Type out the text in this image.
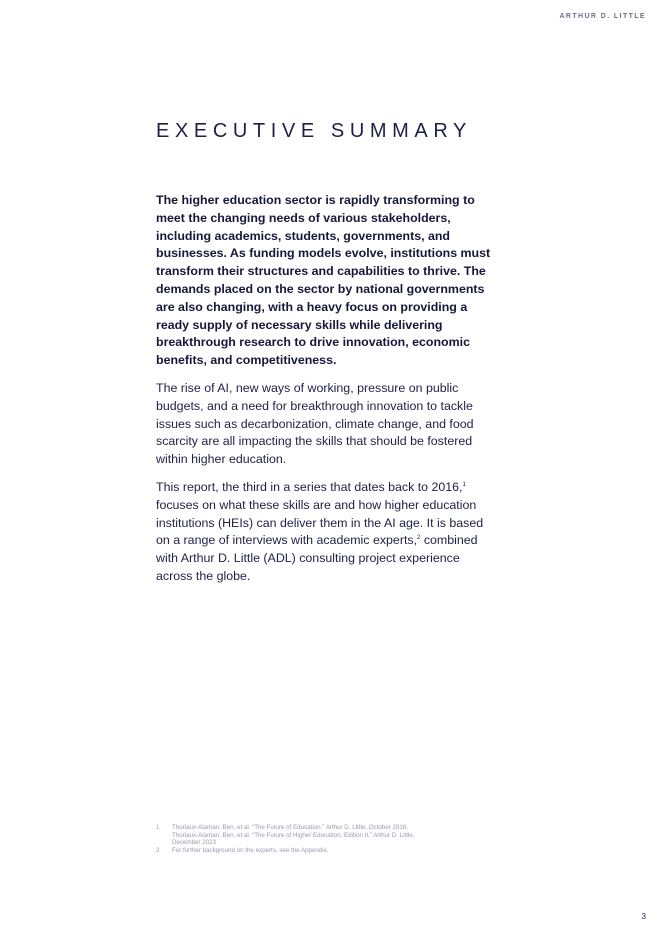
ARTHUR D. LITTLE
EXECUTIVE SUMMARY

The higher education sector is rapidly transforming to meet the changing needs of various stakeholders, including academics, students, governments, and businesses. As funding models evolve, institutions must transform their structures and capabilities to thrive. The demands placed on the sector by national governments are also changing, with a heavy focus on providing a ready supply of necessary skills while delivering breakthrough research to drive innovation, economic benefits, and competitiveness.

The rise of AI, new ways of working, pressure on public budgets, and a need for breakthrough innovation to tackle issues such as decarbonization, climate change, and food scarcity are all impacting the skills that should be fostered within higher education.

This report, the third in a series that dates back to 2016,$^1$ focuses on what these skills are and how higher education institutions (HEIs) can deliver them in the AI age. It is based on a range of interviews with academic experts,$^2$ combined with Arthur D. Little (ADL) consulting project experience across the globe.

1	Thuriaux-Alaman, Ben, et al. “The Future of Education.” Arthur D. Little, October 2016;
Thuriaux-Alaman, Ben, et al. “The Future of Higher Education, Edition II.” Arthur D. Little,
December 2023
2	For further background on the experts, see the Appendix.
3
